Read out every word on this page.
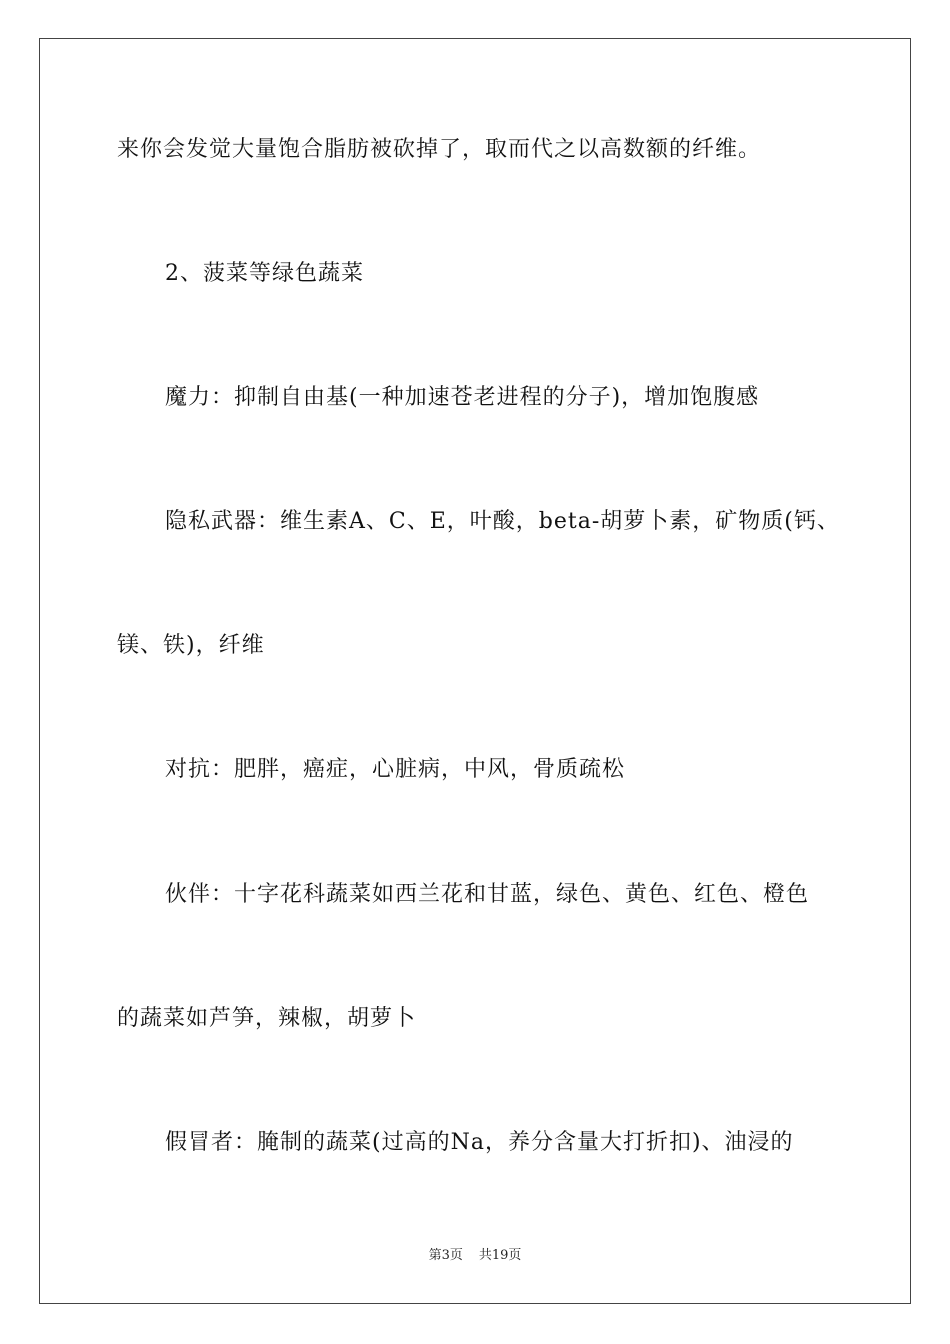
来你会发觉大量饱合脂肪被砍掉了，取而代之以高数额的纤维。
2、菠菜等绿色蔬菜
魔力：抑制自由基(一种加速苍老进程的分子)，增加饱腹感
隐私武器：维生素A、C、E，叶酸，beta-胡萝卜素，矿物质(钙、
镁、铁)，纤维
对抗：肥胖，癌症，心脏病，中风，骨质疏松
伙伴：十字花科蔬菜如西兰花和甘蓝，绿色、黄色、红色、橙色
的蔬菜如芦笋，辣椒，胡萝卜
假冒者：腌制的蔬菜(过高的Na，养分含量大打折扣)、油浸的
第3页 共19页
